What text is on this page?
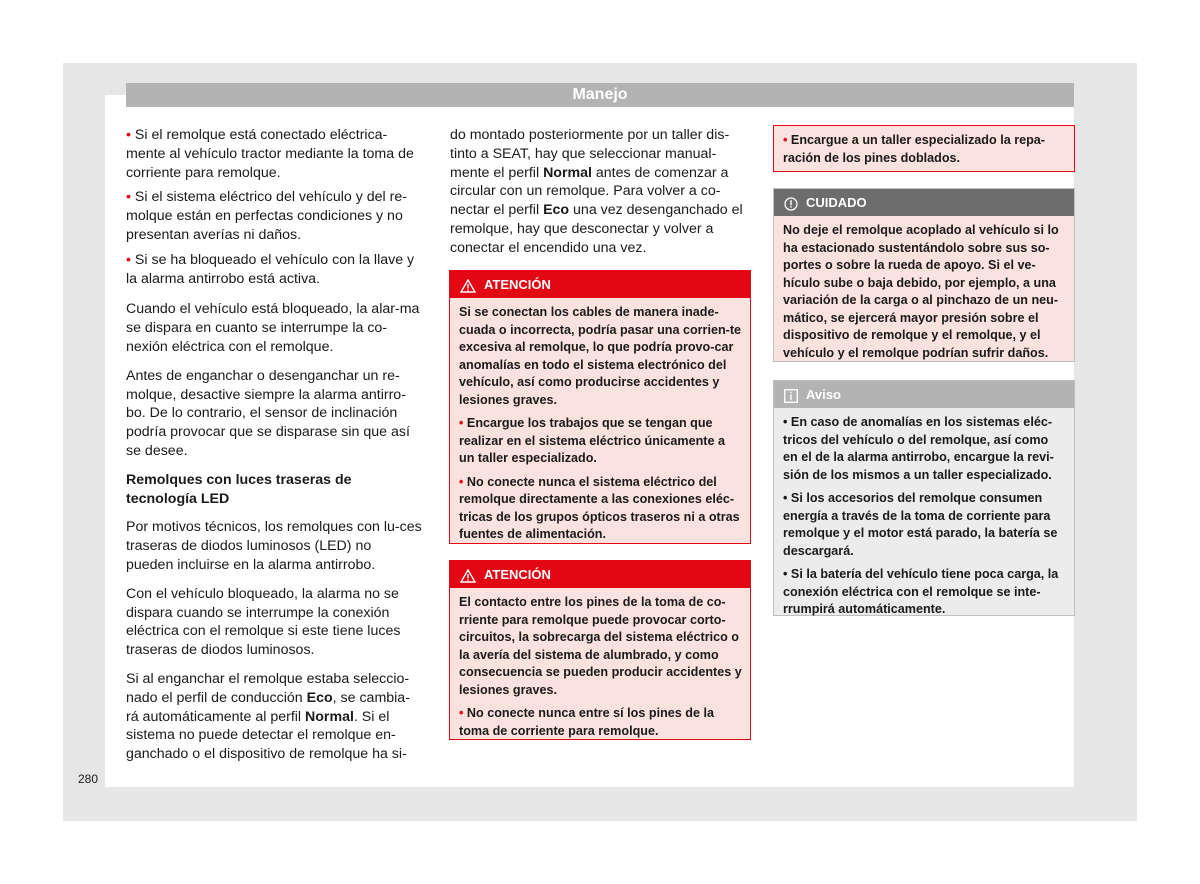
Manejo
• Si el remolque está conectado eléctrica-mente al vehículo tractor mediante la toma de corriente para remolque.
• Si el sistema eléctrico del vehículo y del re-molque están en perfectas condiciones y no presentan averías ni daños.
• Si se ha bloqueado el vehículo con la llave y la alarma antirrobo está activa.

Cuando el vehículo está bloqueado, la alar-ma se dispara en cuanto se interrumpe la co-nexión eléctrica con el remolque.

Antes de enganchar o desenganchar un re-molque, desactive siempre la alarma antirro-bo. De lo contrario, el sensor de inclinación podría provocar que se disparase sin que así se desee.

Remolques con luces traseras de tecnología LED

Por motivos técnicos, los remolques con lu-ces traseras de diodos luminosos (LED) no pueden incluirse en la alarma antirrobo.

Con el vehículo bloqueado, la alarma no se dispara cuando se interrumpe la conexión eléctrica con el remolque si este tiene luces traseras de diodos luminosos.

Si al enganchar el remolque estaba seleccio-nado el perfil de conducción Eco, se cambia-rá automáticamente al perfil Normal. Si el sistema no puede detectar el remolque en-ganchado o el dispositivo de remolque ha si-

do montado posteriormente por un taller dis-tinto a SEAT, hay que seleccionar manual-mente el perfil Normal antes de comenzar a circular con un remolque. Para volver a co-nectar el perfil Eco una vez desenganchado el remolque, hay que desconectar y volver a conectar el encendido una vez.

ATENCIÓN

Si se conectan los cables de manera inade-cuada o incorrecta, podría pasar una corrien-te excesiva al remolque, lo que podría provo-car anomalías en todo el sistema electrónico del vehículo, así como producirse accidentes y lesiones graves.

• Encargue los trabajos que se tengan que realizar en el sistema eléctrico únicamente a un taller especializado.

• No conecte nunca el sistema eléctrico del remolque directamente a las conexiones eléc-tricas de los grupos ópticos traseros ni a otras fuentes de alimentación.

ATENCIÓN

El contacto entre los pines de la toma de co-rriente para remolque puede provocar corto-circuitos, la sobrecarga del sistema eléctrico o la avería del sistema de alumbrado, y como consecuencia se pueden producir accidentes y lesiones graves.

• No conecte nunca entre sí los pines de la toma de corriente para remolque.

• Encargue a un taller especializado la repa-ración de los pines doblados.

CUIDADO

No deje el remolque acoplado al vehículo si lo ha estacionado sustentándolo sobre sus so-portes o sobre la rueda de apoyo. Si el ve-hículo sube o baja debido, por ejemplo, a una variación de la carga o al pinchazo de un neu-mático, se ejercerá mayor presión sobre el dispositivo de remolque y el remolque, y el vehículo y el remolque podrían sufrir daños.

Aviso

• En caso de anomalías en los sistemas eléc-tricos del vehículo o del remolque, así como en el de la alarma antirrobo, encargue la revi-sión de los mismos a un taller especializado.

• Si los accesorios del remolque consumen energía a través de la toma de corriente para remolque y el motor está parado, la batería se descargará.

• Si la batería del vehículo tiene poca carga, la conexión eléctrica con el remolque se inte-rrumpirá automáticamente.

280
